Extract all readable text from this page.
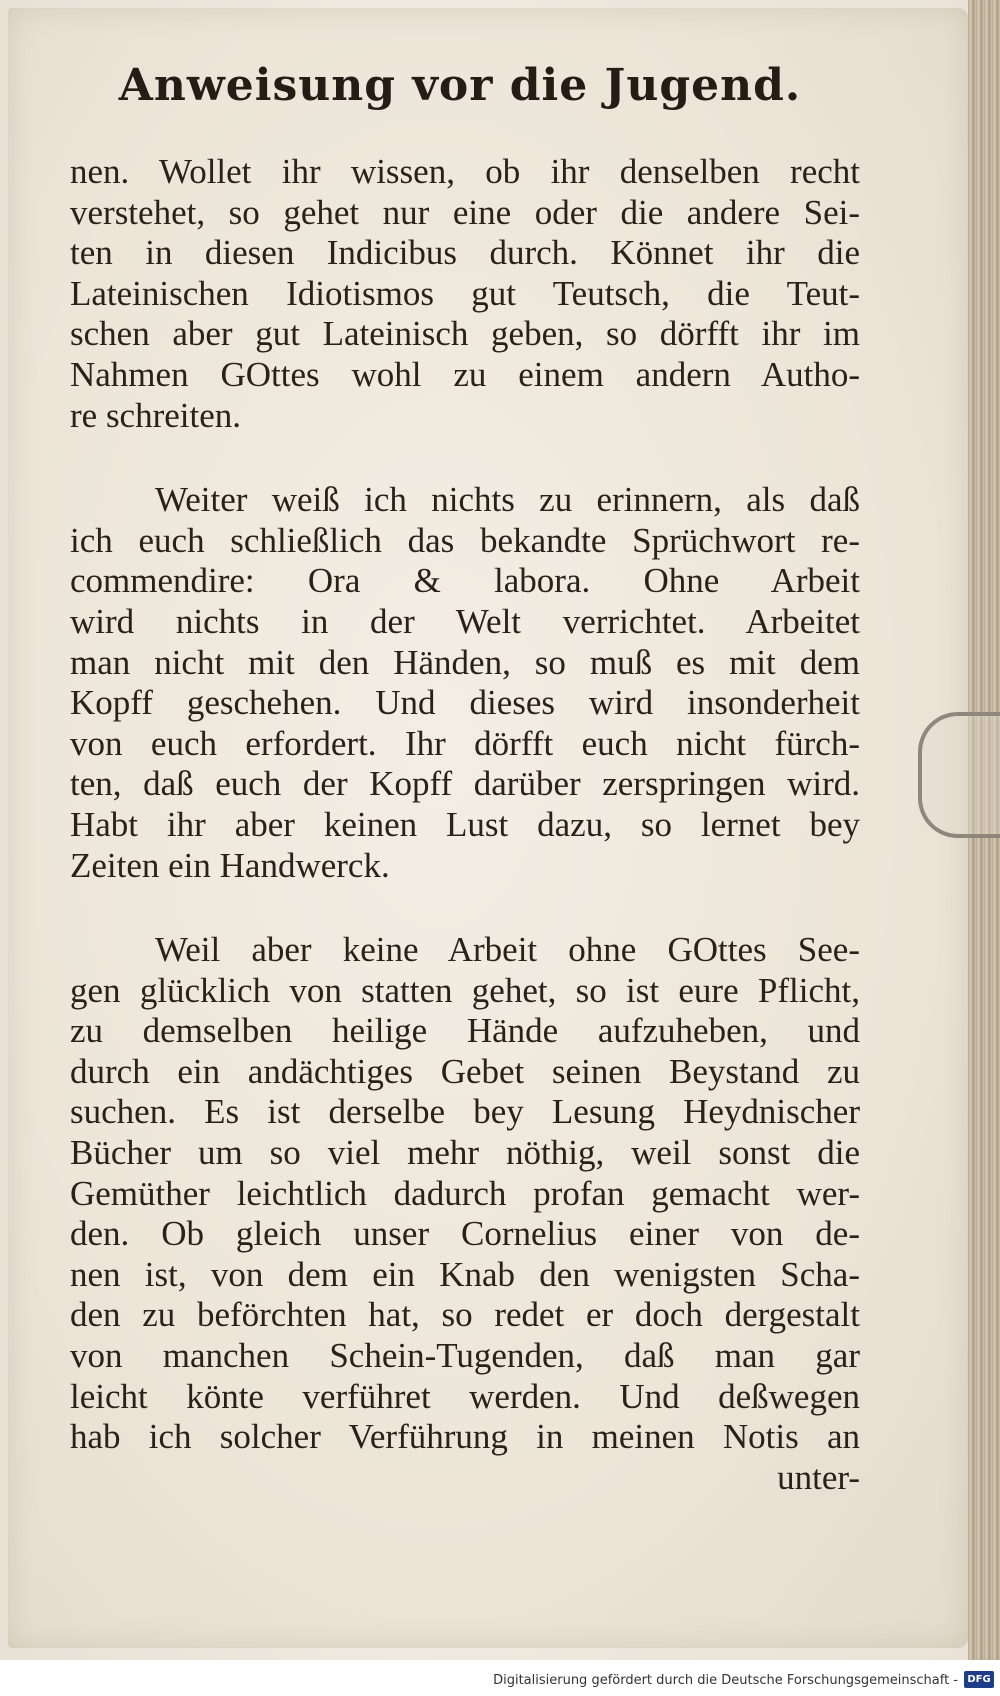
Anweisung vor die Jugend.
nen. Wollet ihr wissen, ob ihr denselben recht
verstehet, so gehet nur eine oder die andere Sei-
ten in diesen Indicibus durch. Könnet ihr die
Lateinischen Idiotismos gut Teutsch, die Teut-
schen aber gut Lateinisch geben, so dörfft ihr im
Nahmen GOttes wohl zu einem andern Autho-
re schreiten.
Weiter weiß ich nichts zu erinnern, als daß
ich euch schließlich das bekandte Sprüchwort re-
commendire: Ora & labora. Ohne Arbeit
wird nichts in der Welt verrichtet. Arbeitet
man nicht mit den Händen, so muß es mit dem
Kopff geschehen. Und dieses wird insonderheit
von euch erfordert. Ihr dörfft euch nicht fürch-
ten, daß euch der Kopff darüber zerspringen wird.
Habt ihr aber keinen Lust dazu, so lernet bey
Zeiten ein Handwerck.
Weil aber keine Arbeit ohne GOttes See-
gen glücklich von statten gehet, so ist eure Pflicht,
zu demselben heilige Hände aufzuheben, und
durch ein andächtiges Gebet seinen Beystand zu
suchen. Es ist derselbe bey Lesung Heydnischer
Bücher um so viel mehr nöthig, weil sonst die
Gemüther leichtlich dadurch profan gemacht wer-
den. Ob gleich unser Cornelius einer von de-
nen ist, von dem ein Knab den wenigsten Scha-
den zu beförchten hat, so redet er doch dergestalt
von manchen Schein-Tugenden, daß man gar
leicht könte verführet werden. Und deßwegen
hab ich solcher Verführung in meinen Notis an
unter-
Digitalisierung gefördert durch die Deutsche Forschungsgemeinschaft - DFG
